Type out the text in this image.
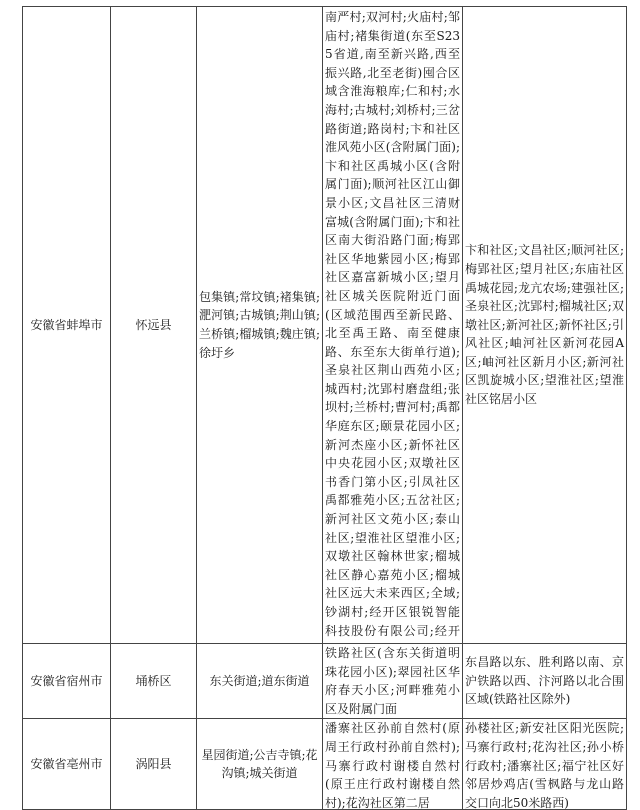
安徽省蚌埠市	怀远县	包集镇;常坟镇;褚集镇;淝河镇;古城镇;荆山镇;兰桥镇;榴城镇;魏庄镇;徐圩乡	南严村;双河村;火庙村;邹庙村;褚集街道(东至S235省道,南至新兴路,西至振兴路,北至老街)囤合区域含淮海粮库;仁和村;水海村;古城村;刘桥村;三岔路街道;路岗村;卞和社区淮风苑小区(含附属门面);卞和社区禹城小区(含附属门面);顺河社区江山御景小区;文昌社区三清财富城(含附属门面);卞和社区南大街沿路门面;梅郢社区华地紫园小区;梅郢社区嘉富新城小区;望月社区城关医院附近门面(区域范围西至新民路、北至禹王路、南至健康路、东至东大街单行道);圣泉社区荆山西苑小区;城西村;沈郢村磨盘组;张坝村;兰桥村;曹河村;禹都华庭东区;颐景花园小区;新河杰座小区;新怀社区中央花园小区;双墩社区书香门第小区;引凤社区禹都雅苑小区;五岔社区;新河社区文苑小区;泰山社区;望淮社区望淮小区;双墩社区翰林世家;榴城社区静心嘉苑小区;榴城社区远大未来西区;全域;钞湖村;经开区银锐智能科技股份有限公司;经开	卞和社区;文昌社区;顺河社区;梅郢社区;望月社区;东庙社区禹城花园;龙亢农场;建强社区;圣泉社区;沈郢村;榴城社区;双墩社区;新河社区;新怀社区;引风社区;岫河社区新河花园A区;岫河社区新月小区;新河社区凯旋城小区;望淮社区;望淮社区铭居小区
安徽省宿州市	埇桥区	东关街道;道东街道	铁路社区(含东关街道明珠花园小区);翠园社区华府春天小区;河畔雅苑小区及附属门面	东昌路以东、胜利路以南、京沪铁路以西、汴河路以北合围区域(铁路社区除外)
安徽省亳州市	涡阳县	星园街道;公吉寺镇;花沟镇;城关街道	潘寨社区孙前自然村(原周王行政村孙前自然村);马寨行政村谢楼自然村(原王庄行政村谢楼自然村);花沟社区第二居	孙楼社区;新安社区阳光医院;马寨行政村;花沟社区;孙小桥行政村;潘寨社区;福宁社区好邻居炒鸡店(雪枫路与龙山路交口向北50米路西)
